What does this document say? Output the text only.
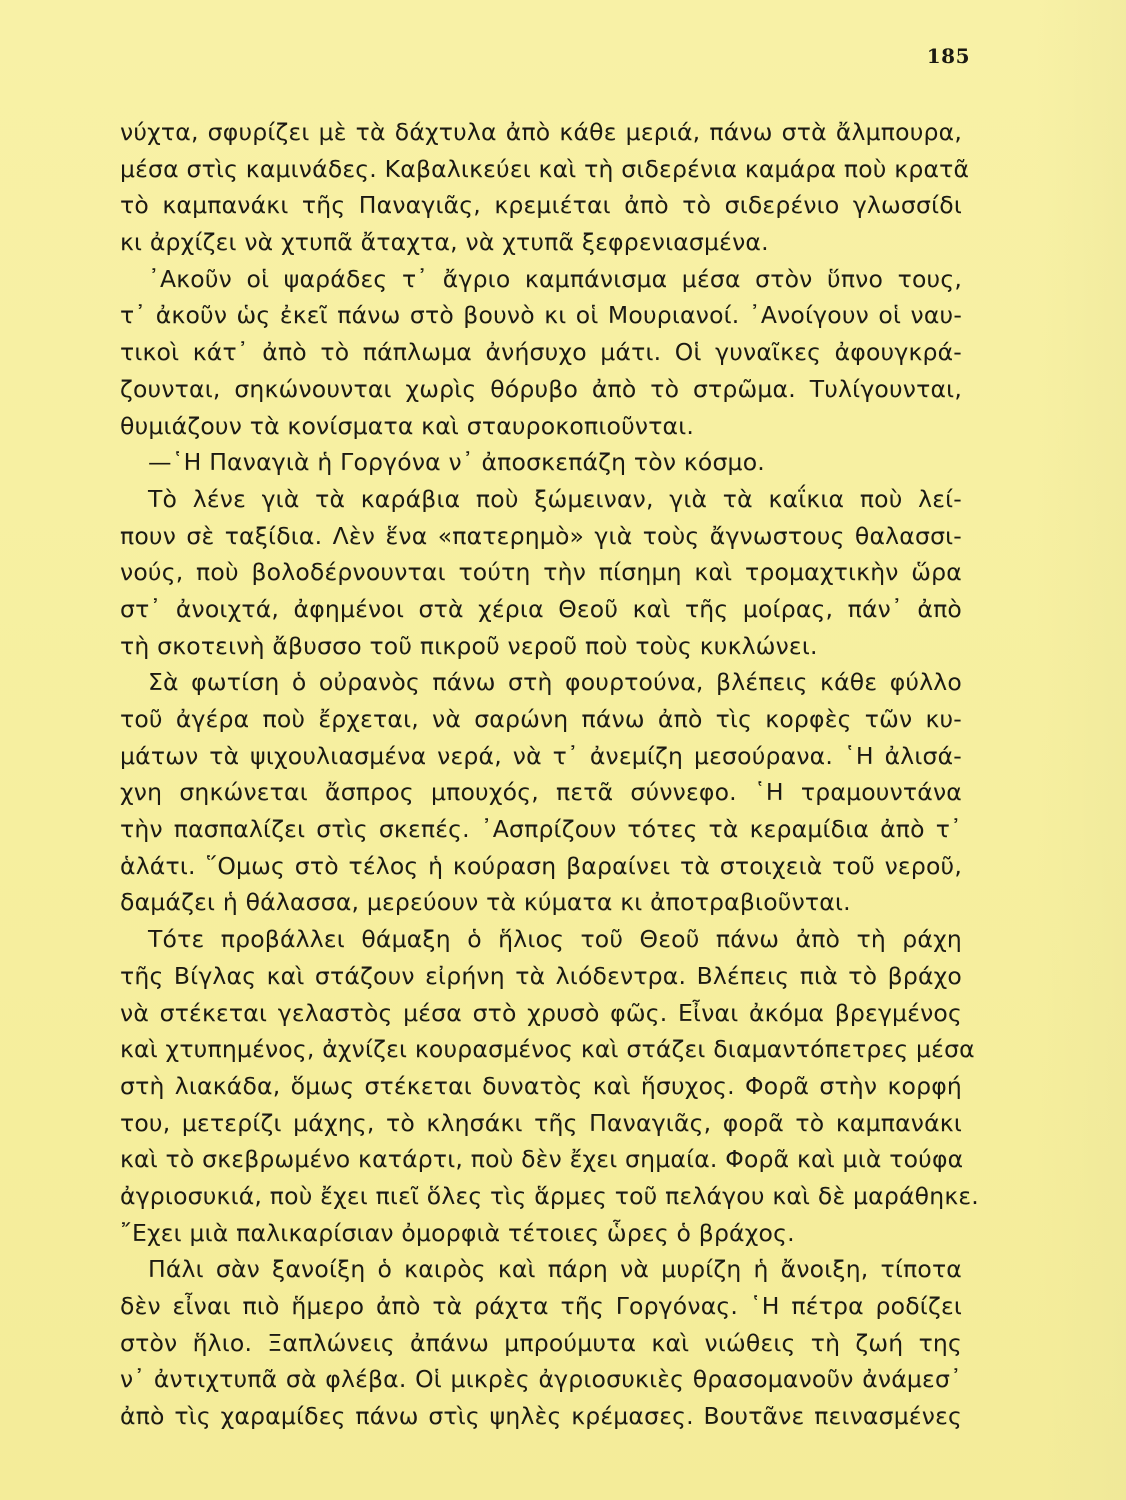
185
νύχτα, σφυρίζει μὲ τὰ δάχτυλα ἀπὸ κάθε μεριά, πάνω στὰ ἄλμπουρα,
μέσα στὶς καμινάδες. Καβαλικεύει καὶ τὴ σιδερένια καμάρα ποὺ κρατᾶ
τὸ καμπανάκι τῆς Παναγιᾶς, κρεμιέται ἀπὸ τὸ σιδερένιο γλωσσίδι
κι ἀρχίζει νὰ χτυπᾶ ἄταχτα, νὰ χτυπᾶ ξεφρενιασμένα.
᾿Ακοῦν οἱ ψαράδες τ᾿ ἄγριο καμπάνισμα μέσα στὸν ὕπνο τους,
τ᾿ ἀκοῦν ὡς ἐκεῖ πάνω στὸ βουνὸ κι οἱ Μουριανοί. ᾿Ανοίγουν οἱ ναυ-
τικοὶ κάτ᾿ ἀπὸ τὸ πάπλωμα ἀνήσυχο μάτι. Οἱ γυναῖκες ἀφουγκρά-
ζουνται, σηκώνουνται χωρὶς θόρυβο ἀπὸ τὸ στρῶμα. Τυλίγουνται,
θυμιάζουν τὰ κονίσματα καὶ σταυροκοπιοῦνται.
—῾Η Παναγιὰ ἡ Γοργόνα ν᾿ ἀποσκεπάζη τὸν κόσμο.
Τὸ λένε γιὰ τὰ καράβια ποὺ ξώμειναν, γιὰ τὰ καΐκια ποὺ λεί-
πουν σὲ ταξίδια. Λὲν ἕνα «πατερημὸ» γιὰ τοὺς ἄγνωστους θαλασσι-
νούς, ποὺ βολοδέρνουνται τούτη τὴν πίσημη καὶ τρομαχτικὴν ὥρα
στ᾿ ἀνοιχτά, ἀφημένοι στὰ χέρια Θεοῦ καὶ τῆς μοίρας, πάν᾿ ἀπὸ
τὴ σκοτεινὴ ἄβυσσο τοῦ πικροῦ νεροῦ ποὺ τοὺς κυκλώνει.
Σὰ φωτίση ὁ οὐρανὸς πάνω στὴ φουρτούνα, βλέπεις κάθε φύλλο
τοῦ ἀγέρα ποὺ ἔρχεται, νὰ σαρώνη πάνω ἀπὸ τὶς κορφὲς τῶν κυ-
μάτων τὰ ψιχουλιασμένα νερά, νὰ τ᾿ ἀνεμίζη μεσούρανα. ῾Η ἀλισά-
χνη σηκώνεται ἄσπρος μπουχός, πετᾶ σύννεφο. ῾Η τραμουντάνα
τὴν πασπαλίζει στὶς σκεπές. ᾿Ασπρίζουν τότες τὰ κεραμίδια ἀπὸ τ᾿
ἁλάτι. ῞Ομως στὸ τέλος ἡ κούραση βαραίνει τὰ στοιχειὰ τοῦ νεροῦ,
δαμάζει ἡ θάλασσα, μερεύουν τὰ κύματα κι ἀποτραβιοῦνται.
Τότε προβάλλει θάμαξη ὁ ἥλιος τοῦ Θεοῦ πάνω ἀπὸ τὴ ράχη
τῆς Βίγλας καὶ στάζουν εἰρήνη τὰ λιόδεντρα. Βλέπεις πιὰ τὸ βράχο
νὰ στέκεται γελαστὸς μέσα στὸ χρυσὸ φῶς. Εἶναι ἀκόμα βρεγμένος
καὶ χτυπημένος, ἀχνίζει κουρασμένος καὶ στάζει διαμαντόπετρες μέσα
στὴ λιακάδα, ὅμως στέκεται δυνατὸς καὶ ἥσυχος. Φορᾶ στὴν κορφή
του, μετερίζι μάχης, τὸ κλησάκι τῆς Παναγιᾶς, φορᾶ τὸ καμπανάκι
καὶ τὸ σκεβρωμένο κατάρτι, ποὺ δὲν ἔχει σημαία. Φορᾶ καὶ μιὰ τούφα
ἀγριοσυκιά, ποὺ ἔχει πιεῖ ὅλες τὶς ἅρμες τοῦ πελάγου καὶ δὲ μαράθηκε.
῎Εχει μιὰ παλικαρίσιαν ὀμορφιὰ τέτοιες ὧρες ὁ βράχος.
Πάλι σὰν ξανοίξη ὁ καιρὸς καὶ πάρη νὰ μυρίζη ἡ ἄνοιξη, τίποτα
δὲν εἶναι πιὸ ἥμερο ἀπὸ τὰ ράχτα τῆς Γοργόνας. ῾Η πέτρα ροδίζει
στὸν ἥλιο. Ξαπλώνεις ἀπάνω μπρούμυτα καὶ νιώθεις τὴ ζωή της
ν᾿ ἀντιχτυπᾶ σὰ φλέβα. Οἱ μικρὲς ἀγριοσυκιὲς θρασομανοῦν ἀνάμεσ᾿
ἀπὸ τὶς χαραμίδες πάνω στὶς ψηλὲς κρέμασες. Βουτᾶνε πεινασμένες
